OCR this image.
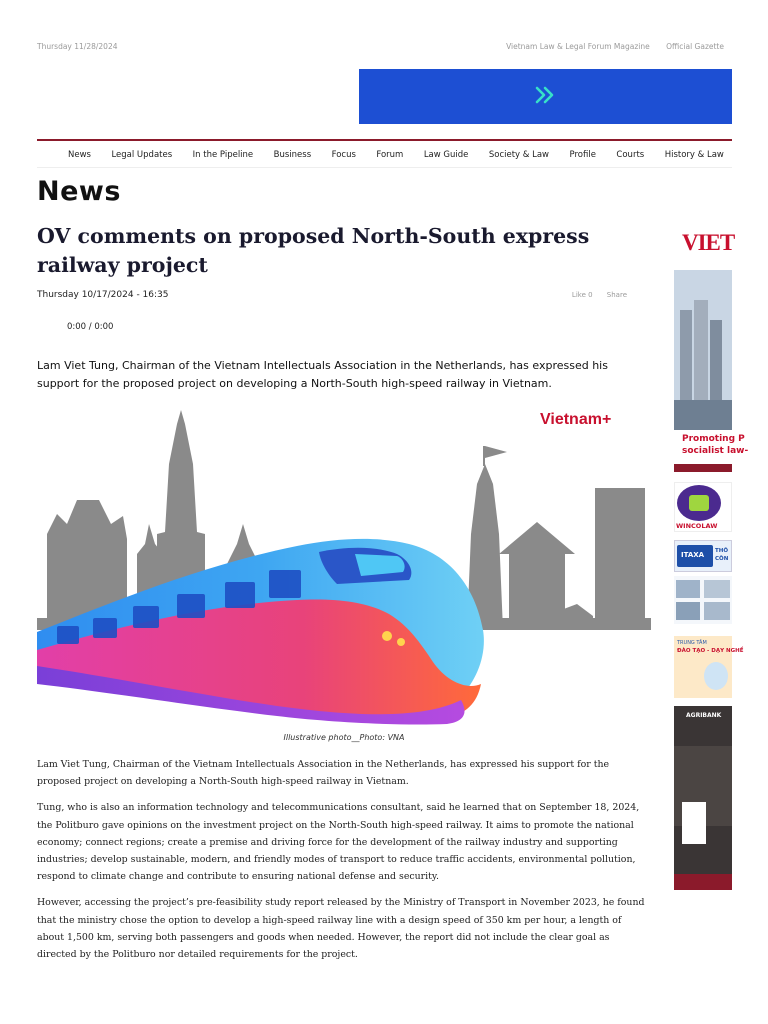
Thursday 11/28/2024	Vietnam Law & Legal Forum Magazine Official Gazette
News Legal Updates In the Pipeline Business Focus Forum Law Guide Society & Law Profile Courts History & Law
News
OV comments on proposed North-South express railway project
Thursday 10/17/2024 - 16:35	Like 0 Share
0:00 / 0:00
Lam Viet Tung, Chairman of the Vietnam Intellectuals Association in the Netherlands, has expressed his support for the proposed project on developing a North-South high-speed railway in Vietnam.
Vietnam+
Illustrative photo__Photo: VNA

Lam Viet Tung, Chairman of the Vietnam Intellectuals Association in the Netherlands, has expressed his support for the proposed project on developing a North-South high-speed railway in Vietnam.

Tung, who is also an information technology and telecommunications consultant, said he learned that on September 18, 2024, the Politburo gave opinions on the investment project on the North-South high-speed railway. It aims to promote the national economy; connect regions; create a premise and driving force for the development of the railway industry and supporting industries; develop sustainable, modern, and friendly modes of transport to reduce traffic accidents, environmental pollution, respond to climate change and contribute to ensuring national defense and security.

However, accessing the project’s pre-feasibility study report released by the Ministry of Transport in November 2023, he found that the ministry chose the option to develop a high-speed railway line with a design speed of 350 km per hour, a length of about 1,500 km, serving both passengers and goods when needed. However, the report did not include the clear goal as directed by the Politburo nor detailed requirements for the project.

VIET
Promoting P
socialist law-
WINCOLAW
ITAXA THÔ CÔN
TRUNG TÂM
ĐÀO TẠO - DẠY NGHỀ
AGRIBANK
